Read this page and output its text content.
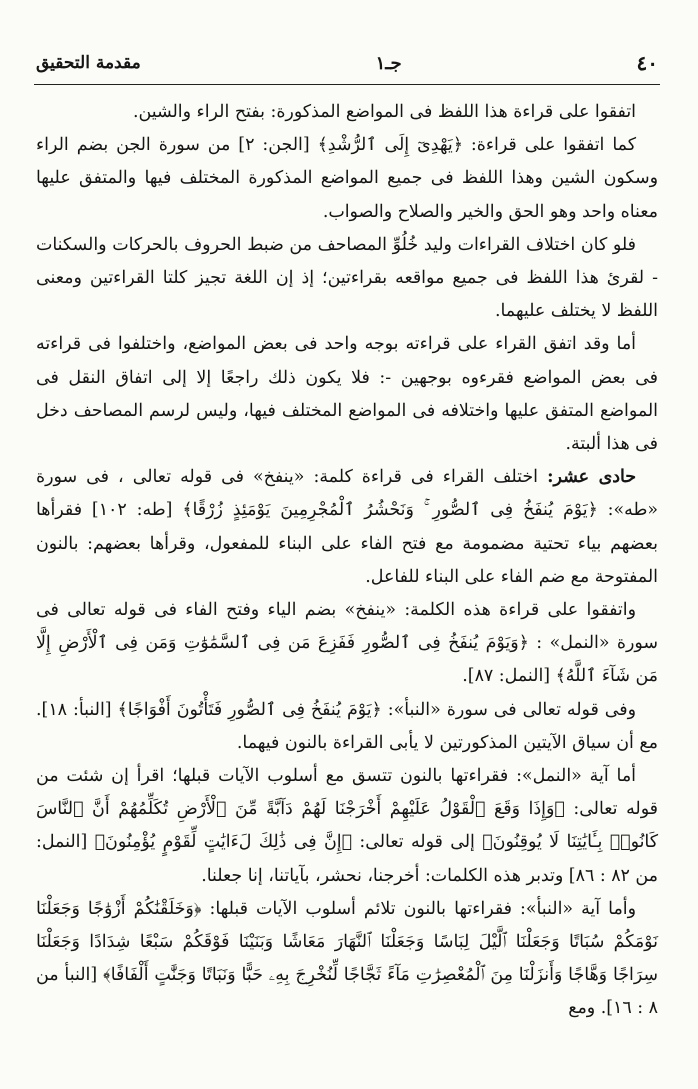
٤٠
جـ١
مقدمة التحقيق

اتفقوا على قراءة هذا اللفظ فى المواضع المذكورة: بفتح الراء والشين.

كما اتفقوا على قراءة: ﴿يَهْدِىٓ إِلَى ٱلرُّشْدِ﴾ [الجن: ٢] من سورة الجن بضم الراء وسكون الشين وهذا اللفظ فى جميع المواضع المذكورة المختلف فيها والمتفق عليها معناه واحد وهو الحق والخير والصلاح والصواب.

فلو كان اختلاف القراءات وليد خُلُوِّ المصاحف من ضبط الحروف بالحركات والسكنات - لقرئ هذا اللفظ فى جميع مواقعه بقراءتين؛ إذ إن اللغة تجيز كلتا القراءتين ومعنى اللفظ لا يختلف عليهما.

أما وقد اتفق القراء على قراءته بوجه واحد فى بعض المواضع، واختلفوا فى قراءته فى بعض المواضع فقرءوه بوجهين -: فلا يكون ذلك راجعًا إلا إلى اتفاق النقل فى المواضع المتفق عليها واختلافه فى المواضع المختلف فيها، وليس لرسم المصاحف دخل فى هذا ألبتة.

حادى عشر: اختلف القراء فى قراءة كلمة: «ينفخ» فى قوله تعالى ، فى سورة «طه»: ﴿يَوْمَ يُنفَخُ فِى ٱلصُّورِ ۚ وَنَحْشُرُ ٱلْمُجْرِمِينَ يَوْمَئِذٍ زُرْقًا﴾ [طه: ١٠٢] فقرأها بعضهم بياء تحتية مضمومة مع فتح الفاء على البناء للمفعول، وقرأها بعضهم: بالنون المفتوحة مع ضم الفاء على البناء للفاعل.

واتفقوا على قراءة هذه الكلمة: «ينفخ» بضم الياء وفتح الفاء فى قوله تعالى فى سورة «النمل» : ﴿وَيَوْمَ يُنفَخُ فِى ٱلصُّورِ فَفَزِعَ مَن فِى ٱلسَّمَٰوَٰتِ وَمَن فِى ٱلْأَرْضِ إِلَّا مَن شَآءَ ٱللَّهُ﴾ [النمل: ٨٧].

وفى قوله تعالى فى سورة «النبأ»: ﴿يَوْمَ يُنفَخُ فِى ٱلصُّورِ فَتَأْتُونَ أَفْوَاجًا﴾ [النبأ: ١٨]. مع أن سياق الآيتين المذكورتين لا يأبى القراءة بالنون فيهما.

أما آية «النمل»: فقراءتها بالنون تتسق مع أسلوب الآيات قبلها؛ اقرأ إن شئت من قوله تعالى: ﴿وَإِذَا وَقَعَ ٱلْقَوْلُ عَلَيْهِمْ أَخْرَجْنَا لَهُمْ دَآبَّةً مِّنَ ٱلْأَرْضِ تُكَلِّمُهُمْ أَنَّ ٱلنَّاسَ كَانُوا۟ بِـَٔايَٰتِنَا لَا يُوقِنُونَ﴾ إلى قوله تعالى: ﴿إِنَّ فِى ذَٰلِكَ لَءَايَٰتٍ لِّقَوْمٍ يُؤْمِنُونَ﴾ [النمل: من ٨٢ : ٨٦] وتدبر هذه الكلمات: أخرجنا، نحشر، بآياتنا، إنا جعلنا.

وأما آية «النبأ»: فقراءتها بالنون تلائم أسلوب الآيات قبلها: ﴿وَخَلَقْنَٰكُمْ أَزْوَٰجًا وَجَعَلْنَا نَوْمَكُمْ سُبَاتًا وَجَعَلْنَا ٱلَّيْلَ لِبَاسًا وَجَعَلْنَا ٱلنَّهَارَ مَعَاشًا وَبَنَيْنَا فَوْقَكُمْ سَبْعًا شِدَادًا وَجَعَلْنَا سِرَاجًا وَهَّاجًا وَأَنزَلْنَا مِنَ ٱلْمُعْصِرَٰتِ مَآءً ثَجَّاجًا لِّنُخْرِجَ بِهِۦ حَبًّا وَنَبَاتًا وَجَنَّٰتٍ أَلْفَافًا﴾ [النبأ من ٨ : ١٦]. ومع
